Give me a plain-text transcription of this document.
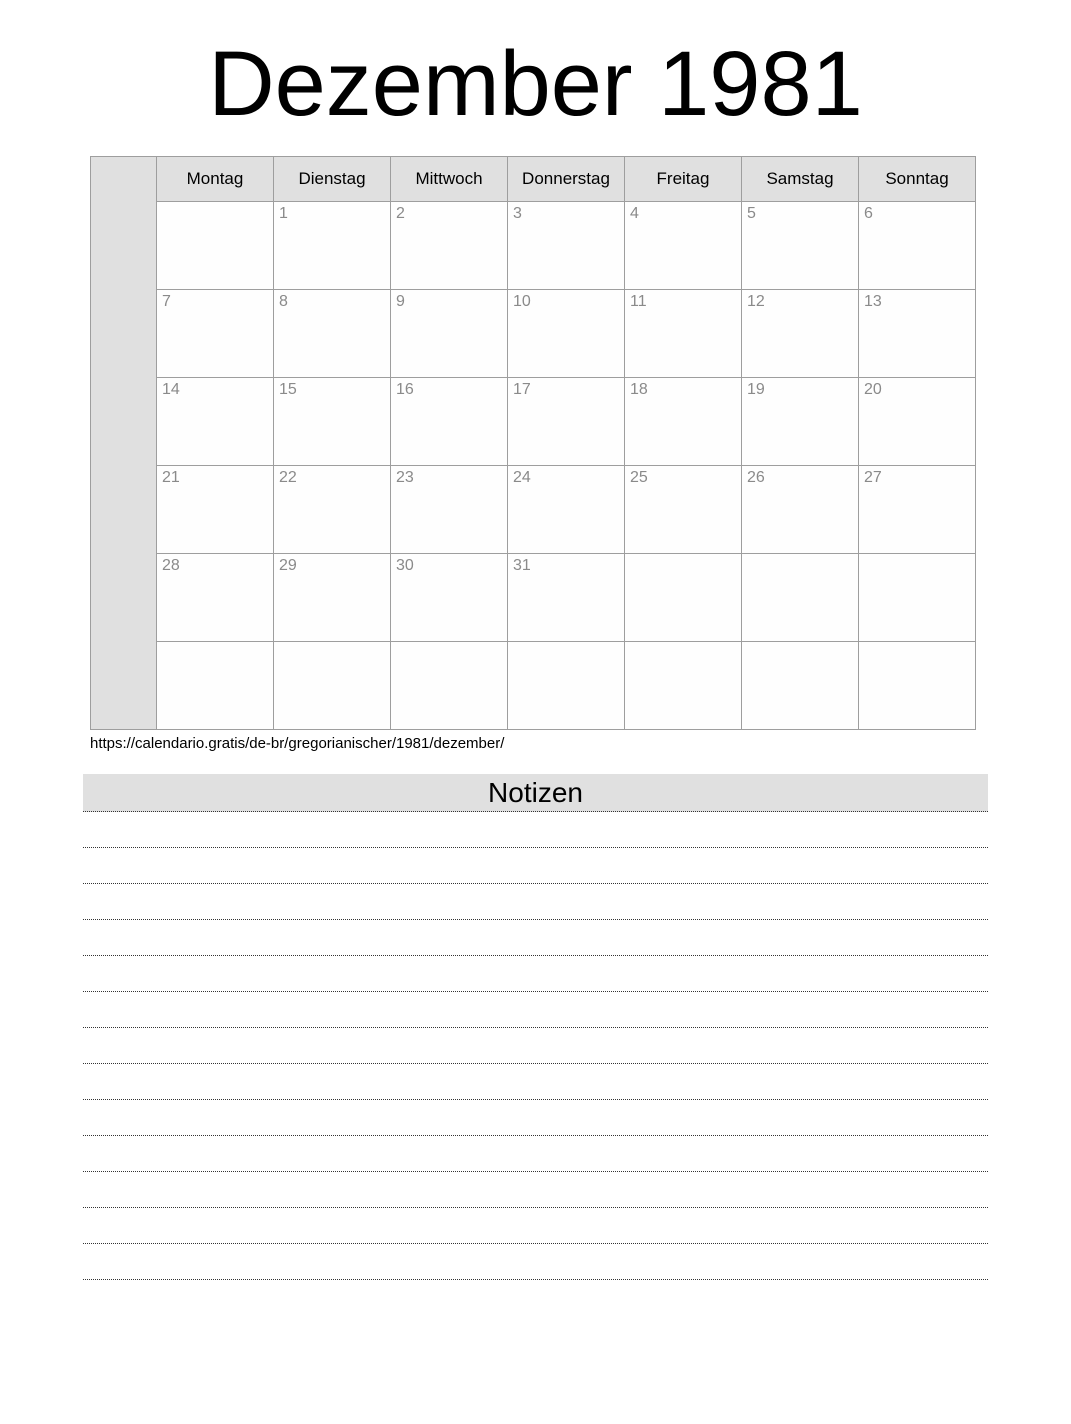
Dezember 1981
	Montag	Dienstag	Mittwoch	Donnerstag	Freitag	Samstag	Sonntag
		1	2	3	4	5	6
	7	8	9	10	11	12	13
	14	15	16	17	18	19	20
	21	22	23	24	25	26	27
	28	29	30	31			

https://calendario.gratis/de-br/gregorianischer/1981/dezember/
Notizen
